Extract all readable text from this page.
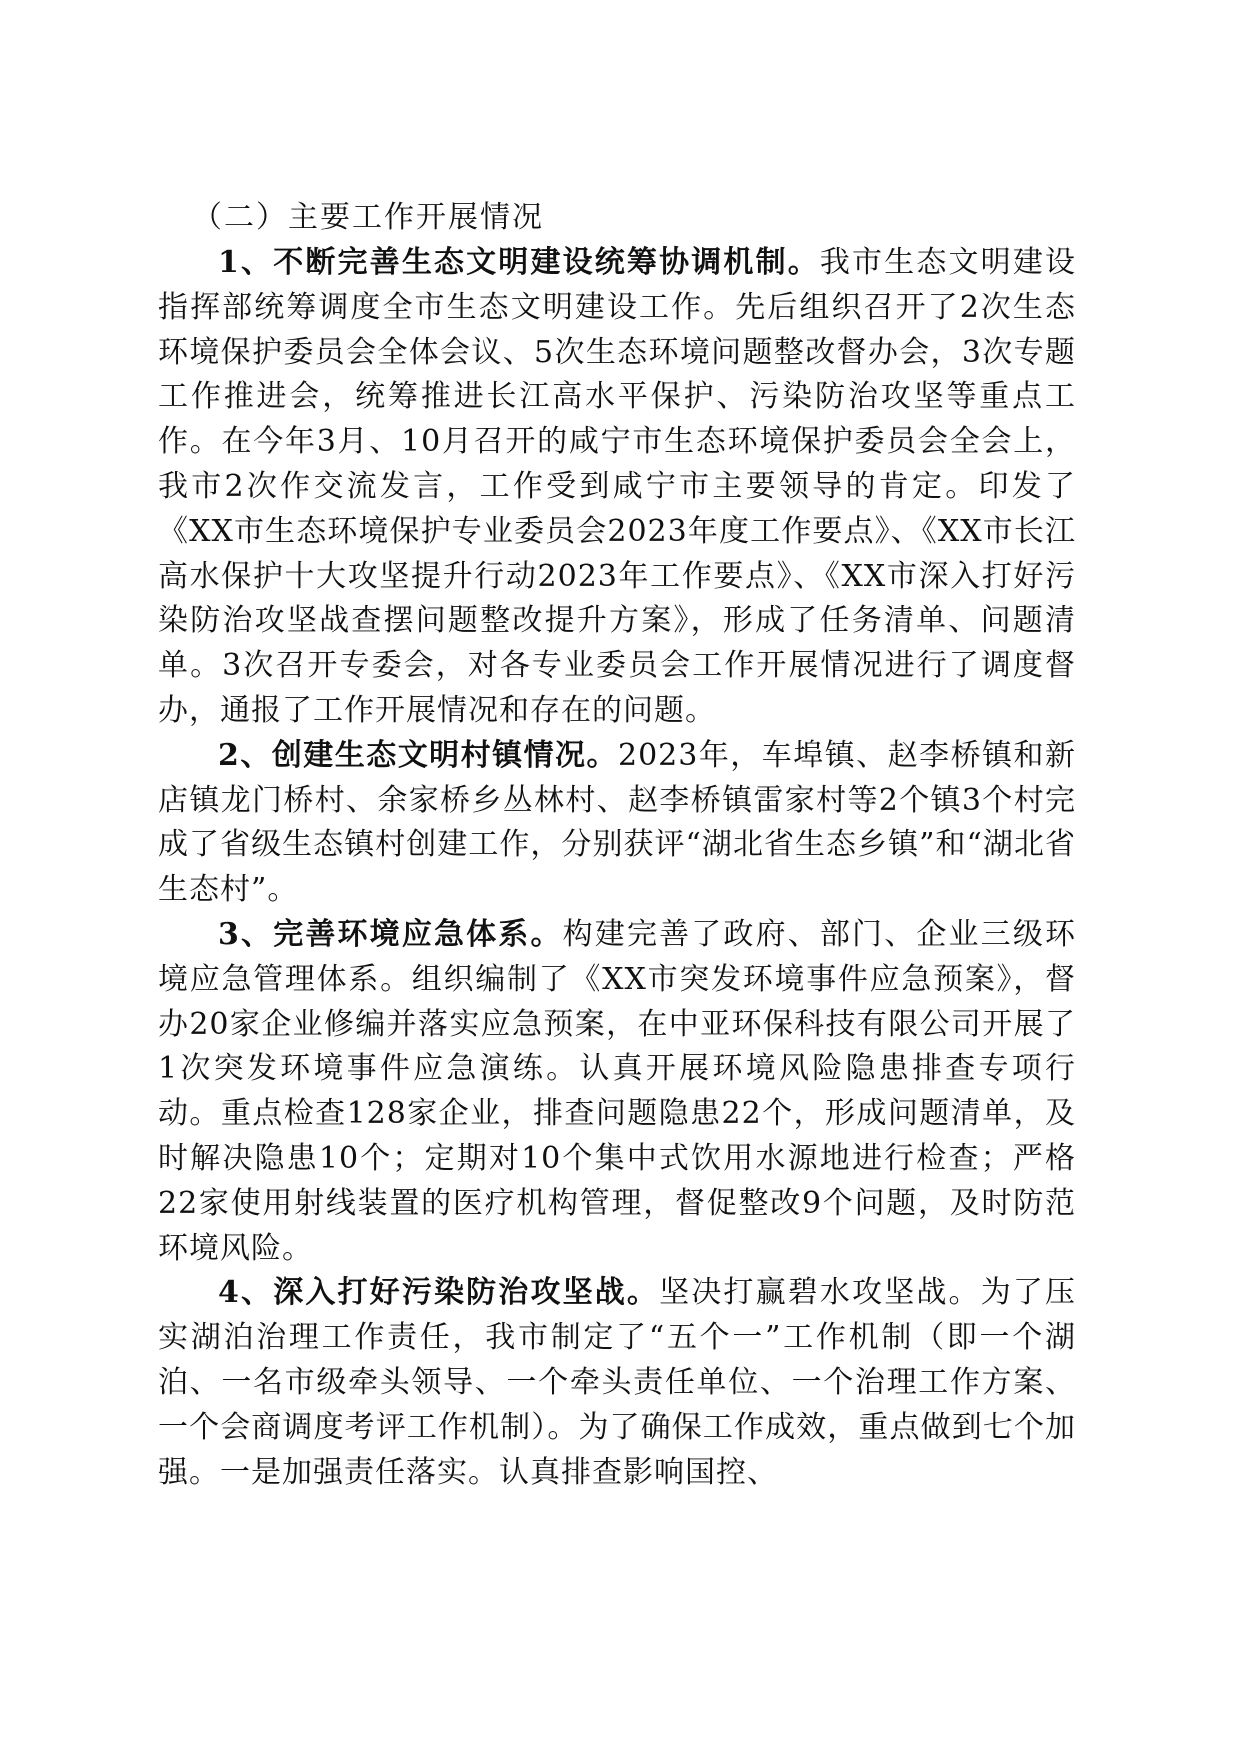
（二）主要工作开展情况

1、不断完善生态文明建设统筹协调机制。我市生态文明建设指挥部统筹调度全市生态文明建设工作。先后组织召开了2次生态环境保护委员会全体会议、5次生态环境问题整改督办会，3次专题工作推进会，统筹推进长江高水平保护、污染防治攻坚等重点工作。在今年3月、10月召开的咸宁市生态环境保护委员会全会上，我市2次作交流发言，工作受到咸宁市主要领导的肯定。印发了《XX市生态环境保护专业委员会2023年度工作要点》、《XX市长江高水保护十大攻坚提升行动2023年工作要点》、《XX市深入打好污染防治攻坚战查摆问题整改提升方案》，形成了任务清单、问题清单。3次召开专委会，对各专业委员会工作开展情况进行了调度督办，通报了工作开展情况和存在的问题。

2、创建生态文明村镇情况。2023年，车埠镇、赵李桥镇和新店镇龙门桥村、余家桥乡丛林村、赵李桥镇雷家村等2个镇3个村完成了省级生态镇村创建工作，分别获评“湖北省生态乡镇”和“湖北省生态村”。

3、完善环境应急体系。构建完善了政府、部门、企业三级环境应急管理体系。组织编制了《XX市突发环境事件应急预案》，督办20家企业修编并落实应急预案，在中亚环保科技有限公司开展了1次突发环境事件应急演练。认真开展环境风险隐患排查专项行动。重点检查128家企业，排查问题隐患22个，形成问题清单，及时解决隐患10个；定期对10个集中式饮用水源地进行检查；严格22家使用射线装置的医疗机构管理，督促整改9个问题，及时防范环境风险。

4、深入打好污染防治攻坚战。坚决打赢碧水攻坚战。为了压实湖泊治理工作责任，我市制定了“五个一”工作机制（即一个湖泊、一名市级牵头领导、一个牵头责任单位、一个治理工作方案、一个会商调度考评工作机制）。为了确保工作成效，重点做到七个加强。一是加强责任落实。认真排查影响国控、
